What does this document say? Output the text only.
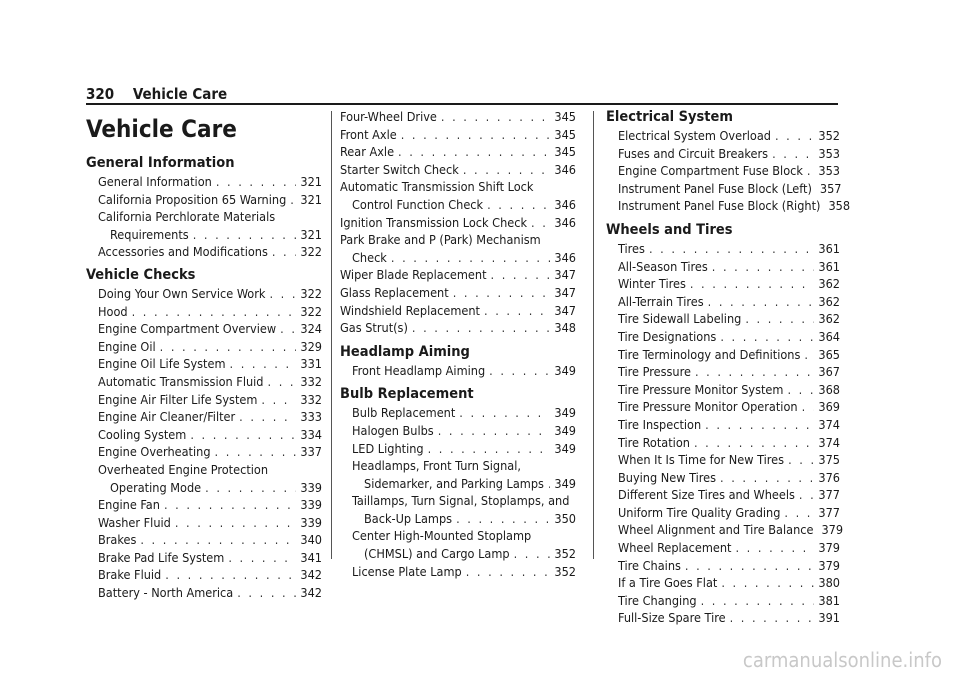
320 Vehicle Care
Vehicle Care
General Information
General Information . . .	321
California Proposition 65 Warning . . . 321
California Perchlorate Materials
Requirements . . .	321
Accessories and Modifications . . .	322
Vehicle Checks
Doing Your Own Service Work . . .	322
Hood . . .	322
Engine Compartment Overview . . . 324
Engine Oil . . .	329
Engine Oil Life System . . .	331
Automatic Transmission Fluid . . .	332
Engine Air Filter Life System . . .	332
Engine Air Cleaner/Filter . . .	333
Cooling System . . .	334
Engine Overheating . . .	337
Overheated Engine Protection
Operating Mode . . .	339
Engine Fan . . .	339
Washer Fluid . . .	339
Brakes . . .	340
Brake Pad Life System . . .	341
Brake Fluid . . .	342
Battery - North America . . .	342
Four-Wheel Drive . . .	345
Front Axle . . .	345
Rear Axle . . .	345
Starter Switch Check . . .	346
Automatic Transmission Shift Lock
Control Function Check . . .	346
Ignition Transmission Lock Check . . . 346
Park Brake and P (Park) Mechanism
Check . . .	346
Wiper Blade Replacement . . .	347
Glass Replacement . . .	347
Windshield Replacement . . .	347
Gas Strut(s) . . .	348
Headlamp Aiming
Front Headlamp Aiming . . .	349
Bulb Replacement
Bulb Replacement . . .	349
Halogen Bulbs . . .	349
LED Lighting . . .	349
Headlamps, Front Turn Signal,
Sidemarker, and Parking Lamps . . . 349
Taillamps, Turn Signal, Stoplamps, and
Back-Up Lamps . . .	350
Center High-Mounted Stoplamp
(CHMSL) and Cargo Lamp . . .	352
License Plate Lamp . . .	352
Electrical System
Electrical System Overload . . .	352
Fuses and Circuit Breakers . . .	353
Engine Compartment Fuse Block . . . 353
Instrument Panel Fuse Block (Left) 357
Instrument Panel Fuse Block (Right) 358
Wheels and Tires
Tires . . .	361
All-Season Tires . . .	361
Winter Tires . . .	362
All-Terrain Tires . . .	362
Tire Sidewall Labeling . . .	362
Tire Designations . . .	364
Tire Terminology and Definitions . . . 365
Tire Pressure . . .	367
Tire Pressure Monitor System . . .	368
Tire Pressure Monitor Operation . . . 369
Tire Inspection . . .	374
Tire Rotation . . .	374
When It Is Time for New Tires . . .	375
Buying New Tires . . .	376
Different Size Tires and Wheels . . . 377
Uniform Tire Quality Grading . . .	377
Wheel Alignment and Tire Balance 379
Wheel Replacement . . .	379
Tire Chains . . .	379
If a Tire Goes Flat . . .	380
Tire Changing . . .	381
Full-Size Spare Tire . . .	391
carmanualsonline.info
